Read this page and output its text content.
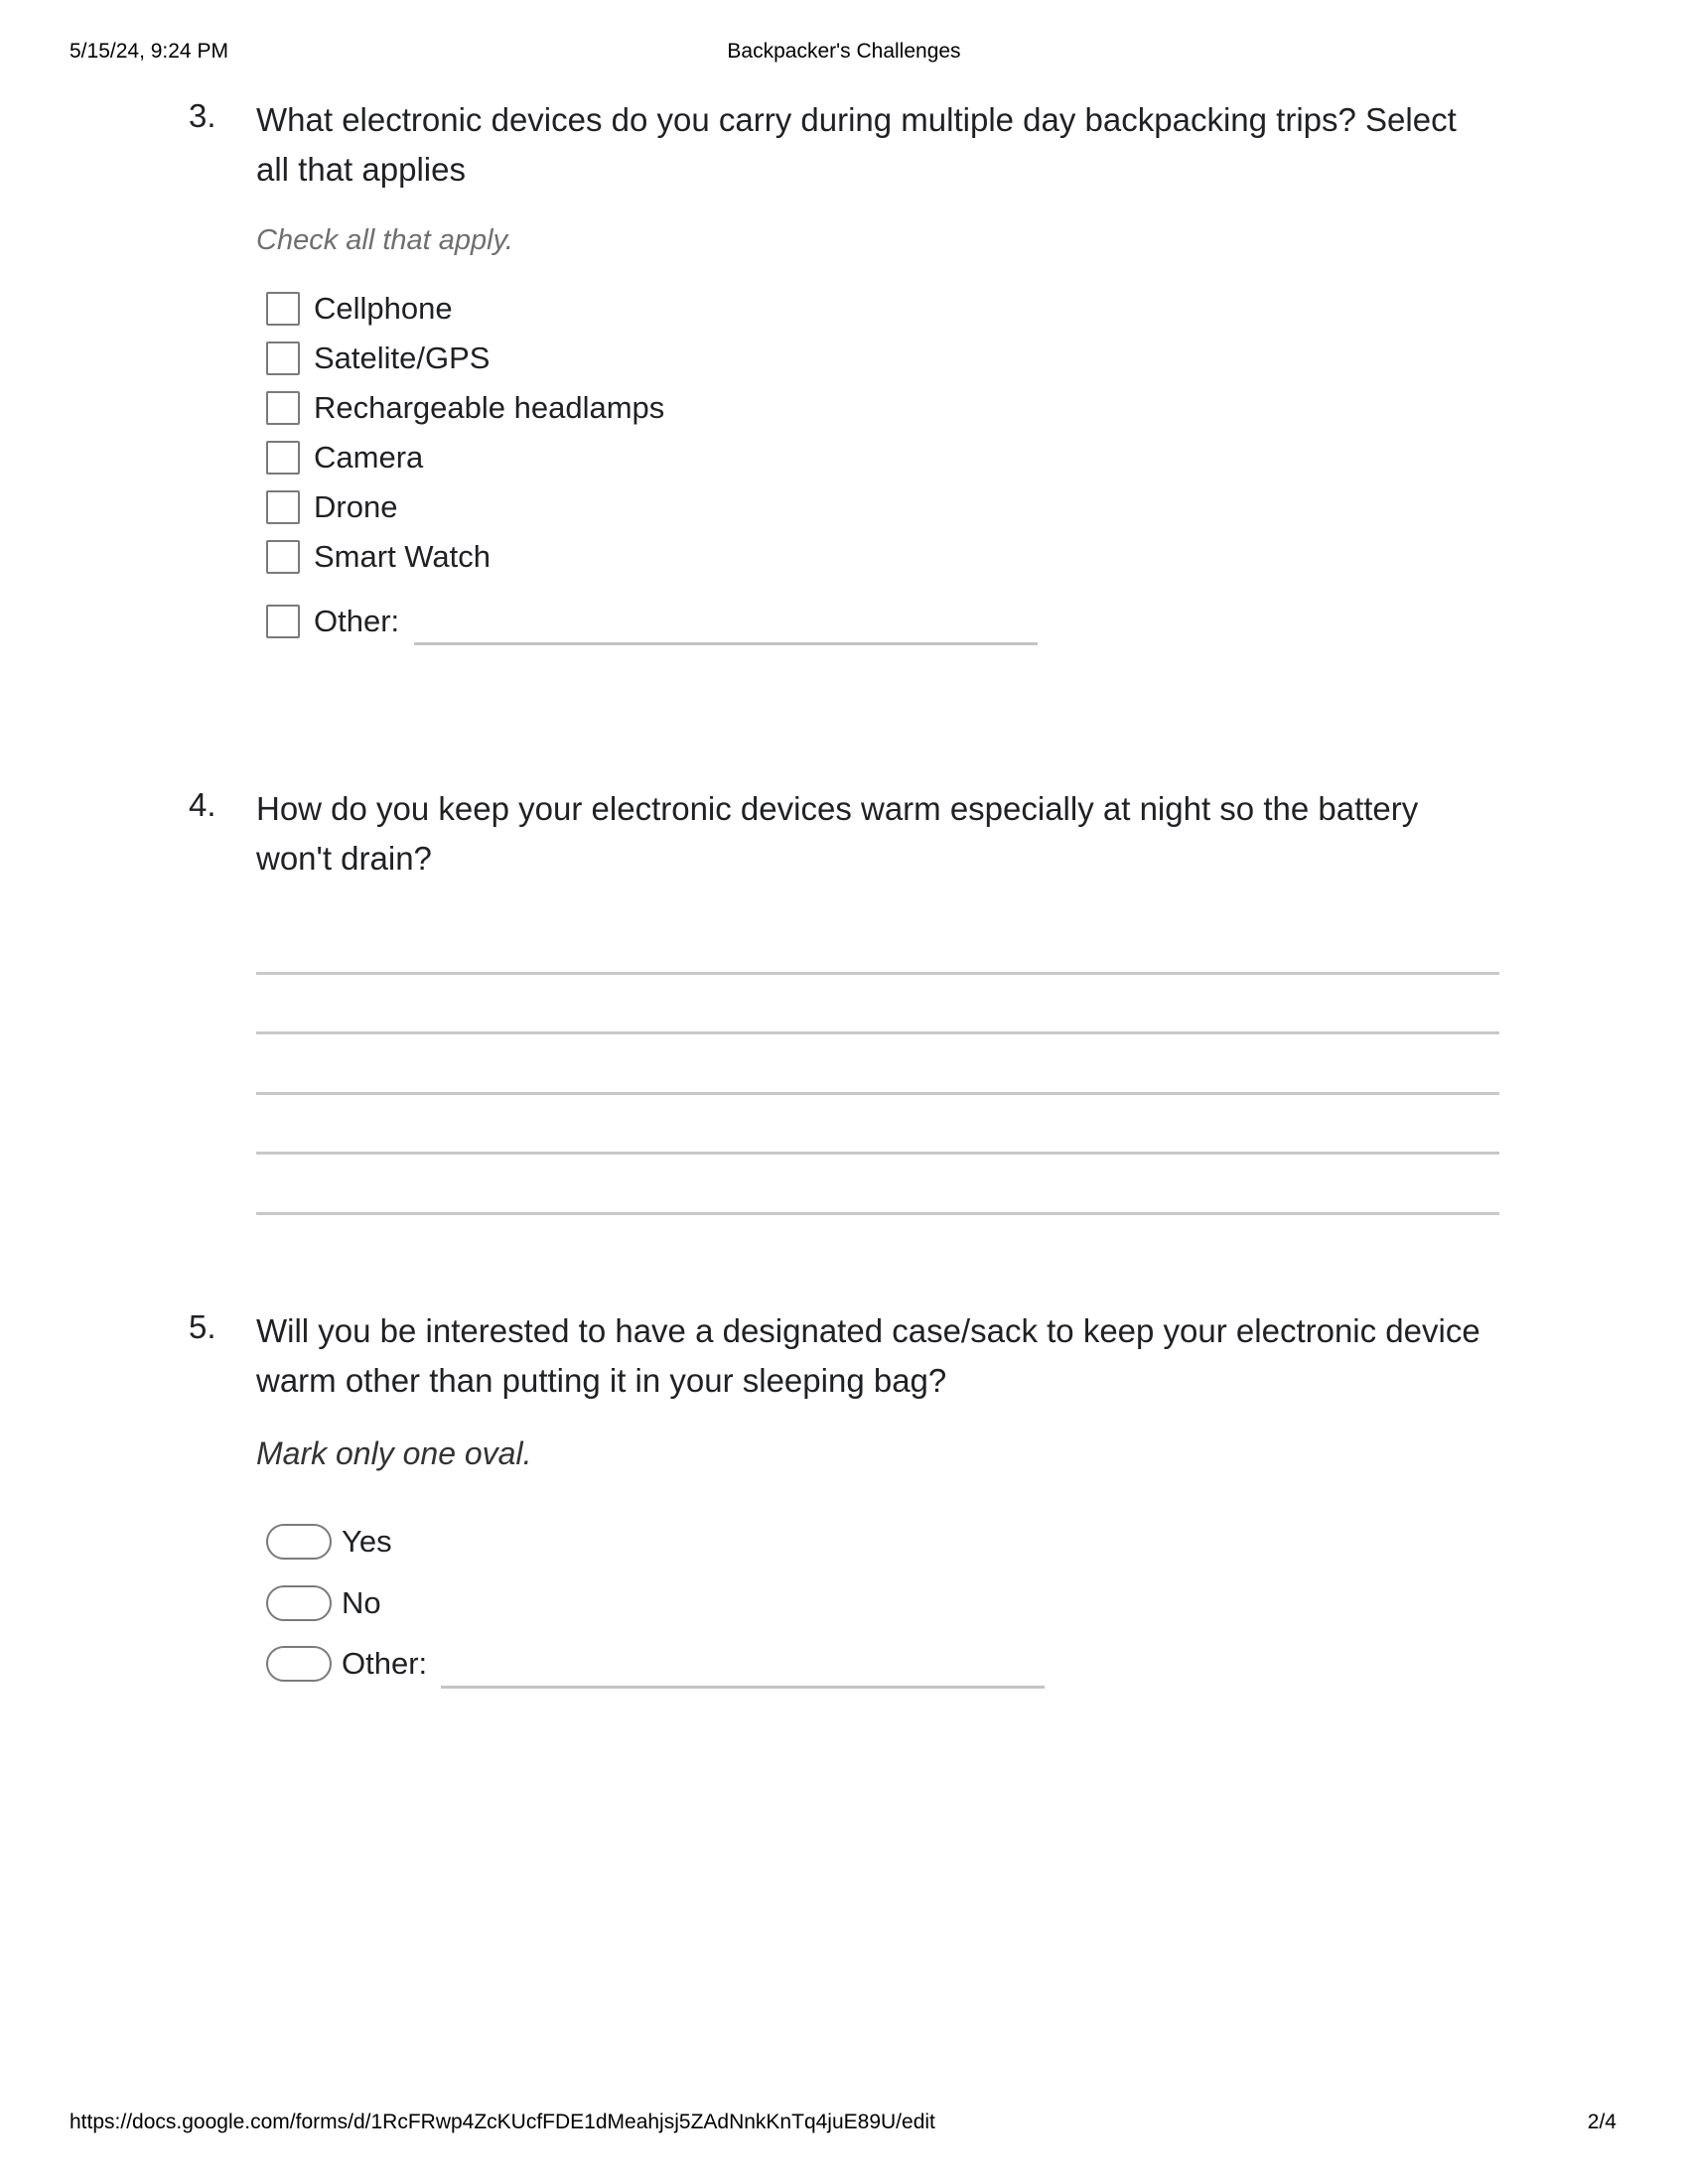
5/15/24, 9:24 PM	Backpacker's Challenges
3. What electronic devices do you carry during multiple day backpacking trips? Select all that applies
Check all that apply.
Cellphone
Satelite/GPS
Rechargeable headlamps
Camera
Drone
Smart Watch
Other:
4. How do you keep your electronic devices warm especially at night so the battery won't drain?
5. Will you be interested to have a designated case/sack to keep your electronic device warm other than putting it in your sleeping bag?
Mark only one oval.
Yes
No
Other:
https://docs.google.com/forms/d/1RcFRwp4ZcKUcfFDE1dMeahjsj5ZAdNnkKnTq4juE89U/edit	2/4
